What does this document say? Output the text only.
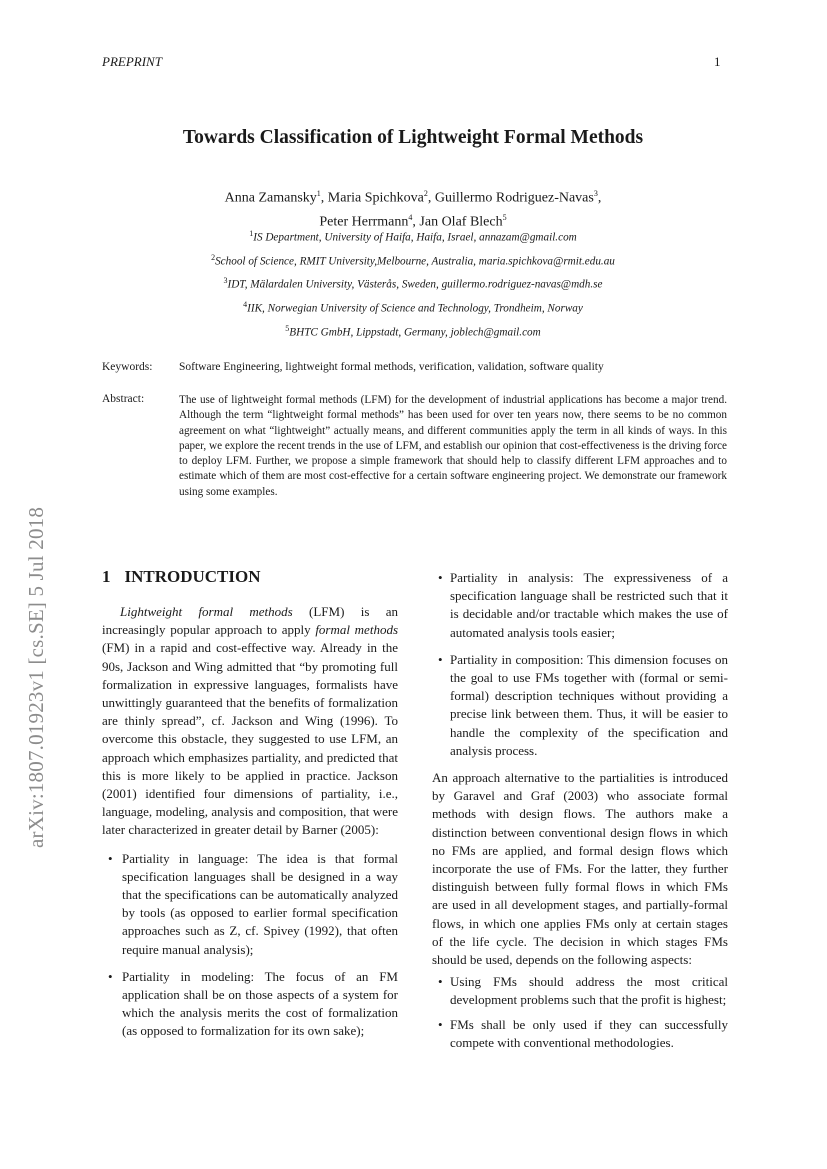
PREPRINT	1
arXiv:1807.01923v1 [cs.SE] 5 Jul 2018
Towards Classification of Lightweight Formal Methods
Anna Zamansky$^1$, Maria Spichkova$^2$, Guillermo Rodriguez-Navas$^3$,
Peter Herrmann$^4$, Jan Olaf Blech$^5$
$^1$IS Department, University of Haifa, Haifa, Israel, annazam@gmail.com
$^2$School of Science, RMIT University,Melbourne, Australia, maria.spichkova@rmit.edu.au
$^3$IDT, Mälardalen University, Västerås, Sweden, guillermo.rodriguez-navas@mdh.se
$^4$IIK, Norwegian University of Science and Technology, Trondheim, Norway
$^5$BHTC GmbH, Lippstadt, Germany, joblech@gmail.com
Keywords: Software Engineering, lightweight formal methods, verification, validation, software quality
Abstract:	The use of lightweight formal methods (LFM) for the development of industrial applications has become a major trend. Although the term “lightweight formal methods” has been used for over ten years now, there seems to be no common agreement on what “lightweight” actually means, and different communities apply the term in all kinds of ways. In this paper, we explore the recent trends in the use of LFM, and establish our opinion that cost-effectiveness is the driving force to deploy LFM. Further, we propose a simple framework that should help to classify different LFM approaches and to estimate which of them are most cost-effective for a certain software engineering project. We demonstrate our framework using some examples.
1 INTRODUCTION

Lightweight formal methods (LFM) is an increasingly popular approach to apply formal methods (FM) in a rapid and cost-effective way. Already in the 90s, Jackson and Wing admitted that “by promoting full formalization in expressive languages, formalists have unwittingly guaranteed that the benefits of formalization are thinly spread”, cf. Jackson and Wing (1996). To overcome this obstacle, they suggested to use LFM, an approach which emphasizes partiality, and predicted that this is more likely to be applied in practice. Jackson (2001) identified four dimensions of partiality, i.e., language, modeling, analysis and composition, that were later characterized in greater detail by Barner (2005):

• Partiality in language: The idea is that formal specification languages shall be designed in a way that the specifications can be automatically analyzed by tools (as opposed to earlier formal specification approaches such as Z, cf. Spivey (1992), that often require manual analysis);
• Partiality in modeling: The focus of an FM application shall be on those aspects of a system for which the analysis merits the cost of formalization (as opposed to formalization for its own sake);
• Partiality in analysis: The expressiveness of a specification language shall be restricted such that it is decidable and/or tractable which makes the use of automated analysis tools easier;
• Partiality in composition: This dimension focuses on the goal to use FMs together with (formal or semi-formal) description techniques without providing a precise link between them. Thus, it will be easier to handle the complexity of the specification and analysis process.

An approach alternative to the partialities is introduced by Garavel and Graf (2003) who associate formal methods with design flows. The authors make a distinction between conventional design flows in which no FMs are applied, and formal design flows which incorporate the use of FMs. For the latter, they further distinguish between fully formal flows in which FMs are used in all development stages, and partially-formal flows, in which one applies FMs only at certain stages of the life cycle. The decision in which stages FMs should be used, depends on the following aspects:

• Using FMs should address the most critical development problems such that the profit is highest;
• FMs shall be only used if they can successfully compete with conventional methodologies.
